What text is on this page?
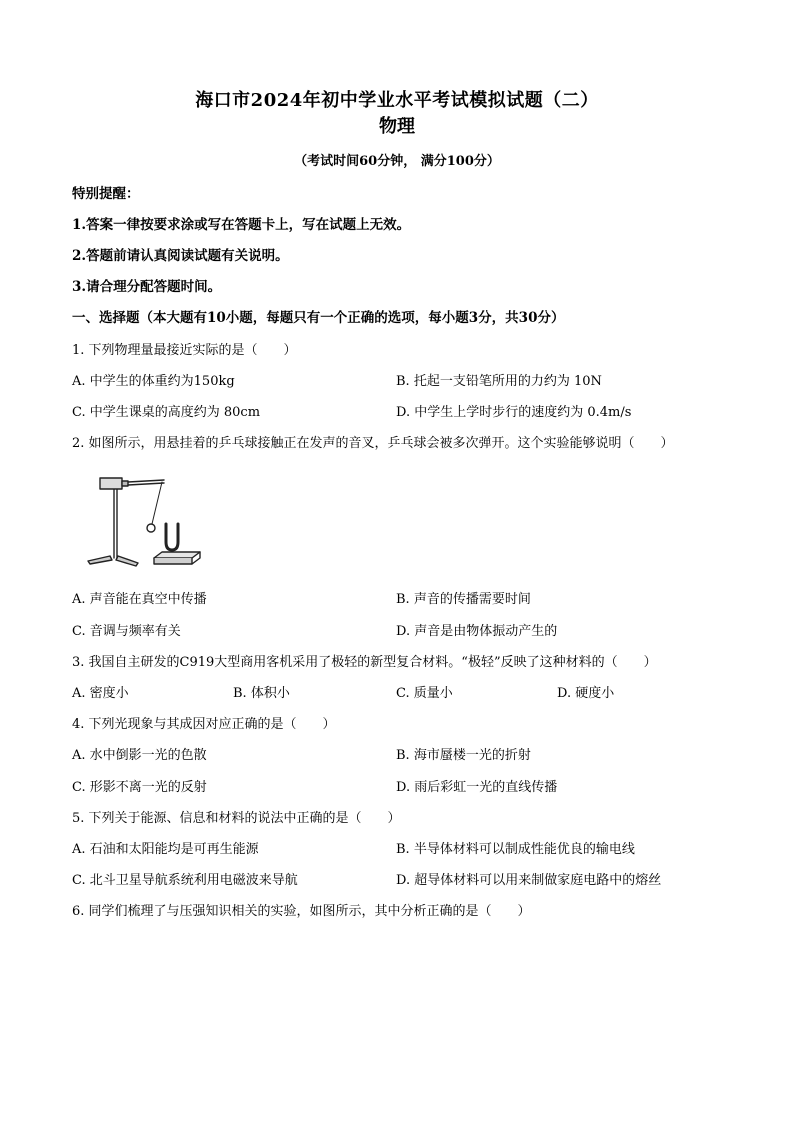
海口市2024年初中学业水平考试模拟试题（二）
物理
（考试时间60分钟， 满分100分）
特别提醒：
1.答案一律按要求涂或写在答题卡上，写在试题上无效。
2.答题前请认真阅读试题有关说明。
3.请合理分配答题时间。
一、选择题（本大题有10小题，每题只有一个正确的选项，每小题3分，共30分）
1. 下列物理量最接近实际的是（　　）
A. 中学生的体重约为150kg	B. 托起一支铅笔所用的力约为 10N
C. 中学生课桌的高度约为 80cm	D. 中学生上学时步行的速度约为 0.4m/s
2. 如图所示，用悬挂着的乒乓球接触正在发声的音叉，乒乓球会被多次弹开。这个实验能够说明（　　）
A. 声音能在真空中传播	B. 声音的传播需要时间
C. 音调与频率有关	D. 声音是由物体振动产生的
3. 我国自主研发的C919大型商用客机采用了极轻的新型复合材料。“极轻”反映了这种材料的（　　）
A. 密度小	B. 体积小	C. 质量小	D. 硬度小
4. 下列光现象与其成因对应正确的是（　　）
A. 水中倒影一光的色散	B. 海市蜃楼一光的折射
C. 形影不离一光的反射	D. 雨后彩虹一光的直线传播
5. 下列关于能源、信息和材料的说法中正确的是（　　）
A. 石油和太阳能均是可再生能源	B. 半导体材料可以制成性能优良的输电线
C. 北斗卫星导航系统利用电磁波来导航	D. 超导体材料可以用来制做家庭电路中的熔丝
6. 同学们梳理了与压强知识相关的实验，如图所示，其中分析正确的是（　　）
